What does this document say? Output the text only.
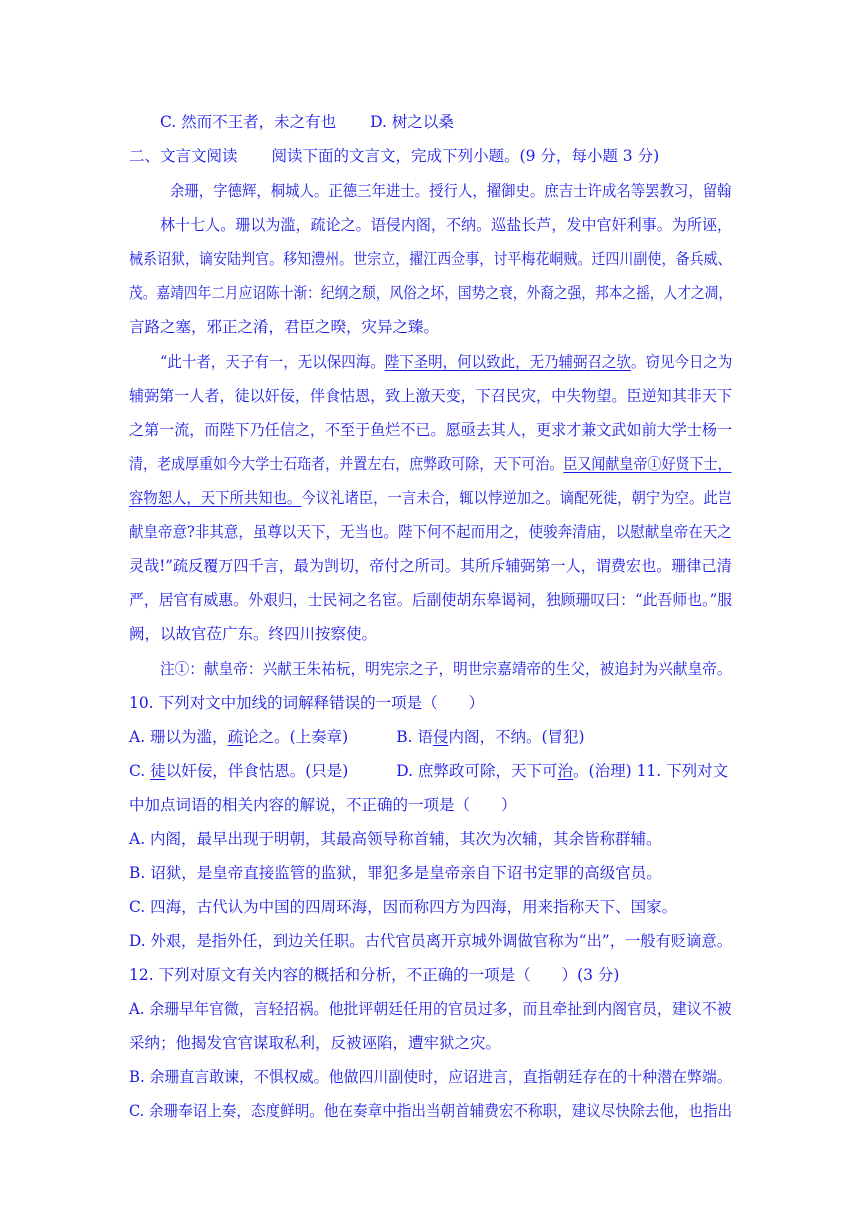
C. 然而不王者，未之有也 D. 树之以桑
二、文言文阅读 阅读下面的文言文，完成下列小题。(9 分，每小题 3 分)
余珊，字德辉，桐城人。正德三年进士。授行人，擢御史。庶吉士许成名等罢教习，留翰
林十七人。珊以为滥，疏论之。语侵内阁，不纳。巡盐长芦，发中官奸利事。为所诬，
械系诏狱，谪安陆判官。移知澧州。世宗立，擢江西佥事，讨平梅花峒贼。迁四川副使，备兵威、
茂。嘉靖四年二月应诏陈十渐：纪纲之颓，风俗之坏，国势之衰，外裔之强，邦本之摇，人才之凋，
言路之塞，邪正之淆，君臣之暌，灾异之臻。
“此十者，天子有一，无以保四海。陛下圣明，何以致此，无乃辅弼召之欤。窃见今日之为
辅弼第一人者，徒以奸佞，伴食怙恩，致上激天变，下召民灾，中失物望。臣逆知其非天下
之第一流，而陛下乃任信之，不至于鱼烂不已。愿亟去其人，更求才兼文武如前大学士杨一
清，老成厚重如今大学士石珤者，并置左右，庶弊政可除，天下可治。臣又闻献皇帝①好贤下士，
容物恕人，天下所共知也。今议礼诸臣，一言未合，辄以悖逆加之。谪配死徙，朝宁为空。此岂
献皇帝意?非其意，虽尊以天下，无当也。陛下何不起而用之，使骏奔清庙，以慰献皇帝在天之
灵哉!”疏反覆万四千言，最为剀切，帝付之所司。其所斥辅弼第一人，谓费宏也。珊律己清
严，居官有威惠。外艰归，士民祠之名宦。后副使胡东皋谒祠，独顾珊叹曰：“此吾师也。”服
阙，以故官莅广东。终四川按察使。
注①：献皇帝：兴献王朱祐杬，明宪宗之子，明世宗嘉靖帝的生父，被追封为兴献皇帝。
10. 下列对文中加线的词解释错误的一项是（　　）
A. 珊以为滥，疏论之。(上奏章)	B. 语侵内阁，不纳。(冒犯)
C. 徒以奸佞，伴食怙恩。(只是)	D. 庶弊政可除，天下可治。(治理) 11. 下列对文
中加点词语的相关内容的解说，不正确的一项是（　　）
A. 内阁，最早出现于明朝，其最高领导称首辅，其次为次辅，其余皆称群辅。
B. 诏狱，是皇帝直接监管的监狱，罪犯多是皇帝亲自下诏书定罪的高级官员。
C. 四海，古代认为中国的四周环海，因而称四方为四海，用来指称天下、国家。
D. 外艰，是指外任，到边关任职。古代官员离开京城外调做官称为“出”，一般有贬谪意。
12. 下列对原文有关内容的概括和分析，不正确的一项是（　　）(3 分)
A. 余珊早年官微，言轻招祸。他批评朝廷任用的官员过多，而且牵扯到内阁官员，建议不被
采纳；他揭发官官谋取私利，反被诬陷，遭牢狱之灾。
B. 余珊直言敢谏，不惧权威。他做四川副使时，应诏进言，直指朝廷存在的十种潜在弊端。
C. 余珊奉诏上奏，态度鲜明。他在奏章中指出当朝首辅费宏不称职，建议尽快除去他，也指出
